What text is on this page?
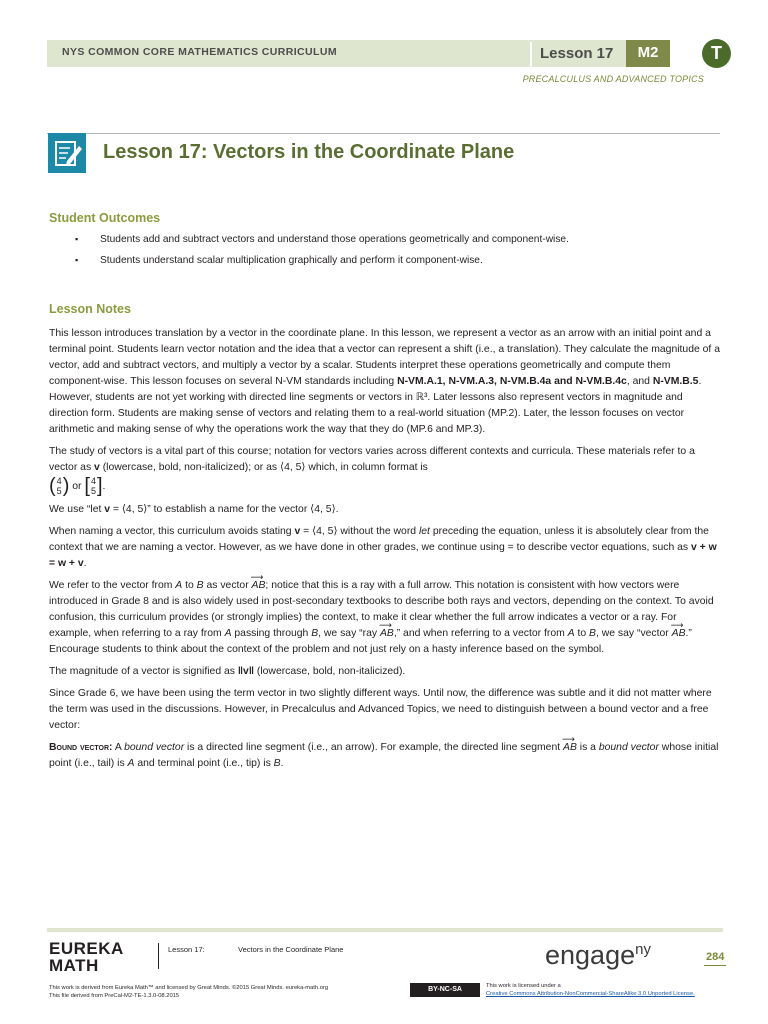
NYS COMMON CORE MATHEMATICS CURRICULUM	Lesson 17	M2	T
PRECALCULUS AND ADVANCED TOPICS
Lesson 17: Vectors in the Coordinate Plane
Student Outcomes
▪ Students add and subtract vectors and understand those operations geometrically and component-wise.
▪ Students understand scalar multiplication graphically and perform it component-wise.
Lesson Notes

This lesson introduces translation by a vector in the coordinate plane. In this lesson, we represent a vector as an arrow with an initial point and a terminal point. Students learn vector notation and the idea that a vector can represent a shift (i.e., a translation). They calculate the magnitude of a vector, add and subtract vectors, and multiply a vector by a scalar. Students interpret these operations geometrically and compute them component-wise. This lesson focuses on several N-VM standards including N-VM.A.1, N-VM.A.3, N-VM.B.4a and N-VM.B.4c, and N-VM.B.5. However, students are not yet working with directed line segments or vectors in ℝ³. Later lessons also represent vectors in magnitude and direction form. Students are making sense of vectors and relating them to a real-world situation (MP.2). Later, the lesson focuses on vector arithmetic and making sense of why the operations work the way that they do (MP.6 and MP.3).

The study of vectors is a vital part of this course; notation for vectors varies across different contexts and curricula. These materials refer to a vector as v (lowercase, bold, non-italicized); or as ⟨4, 5⟩ which, in column format is
(4
5) or [4
5].

We use “let v = ⟨4, 5⟩” to establish a name for the vector ⟨4, 5⟩.

When naming a vector, this curriculum avoids stating v = ⟨4, 5⟩ without the word let preceding the equation, unless it is absolutely clear from the context that we are naming a vector. However, as we have done in other grades, we continue using = to describe vector equations, such as v + w = w + v.

We refer to the vector from A to B as vector ⟶ AB; notice that this is a ray with a full arrow. This notation is consistent with how vectors were introduced in Grade 8 and is also widely used in post-secondary textbooks to describe both rays and vectors, depending on the context. To avoid confusion, this curriculum provides (or strongly implies) the context, to make it clear whether the full arrow indicates a vector or a ray. For example, when referring to a ray from A passing through B, we say “ray ⟶ AB,” and when referring to a vector from A to B, we say “vector ⟶ AB.” Encourage students to think about the context of the problem and not just rely on a hasty inference based on the symbol.

The magnitude of a vector is signified as ‖v‖ (lowercase, bold, non-italicized).

Since Grade 6, we have been using the term vector in two slightly different ways. Until now, the difference was subtle and it did not matter where the term was used in the discussions. However, in Precalculus and Advanced Topics, we need to distinguish between a bound vector and a free vector:

Bound vector: A bound vector is a directed line segment (i.e., an arrow). For example, the directed line segment ⟶ AB is a bound vector whose initial point (i.e., tail) is A and terminal point (i.e., tip) is B.

EUREKA
MATH
Lesson 17:	Vectors in the Coordinate Plane	engage$^{ny}$	284
This work is derived from Eureka Math™ and licensed by Great Minds. ©2015 Great Minds. eureka-math.org
This file derived from PreCal-M2-TE-1.3.0-08.2015
BY-NC-SA	This work is licensed under a
Creative Commons Attribution-NonCommercial-ShareAlike 3.0 Unported License.
